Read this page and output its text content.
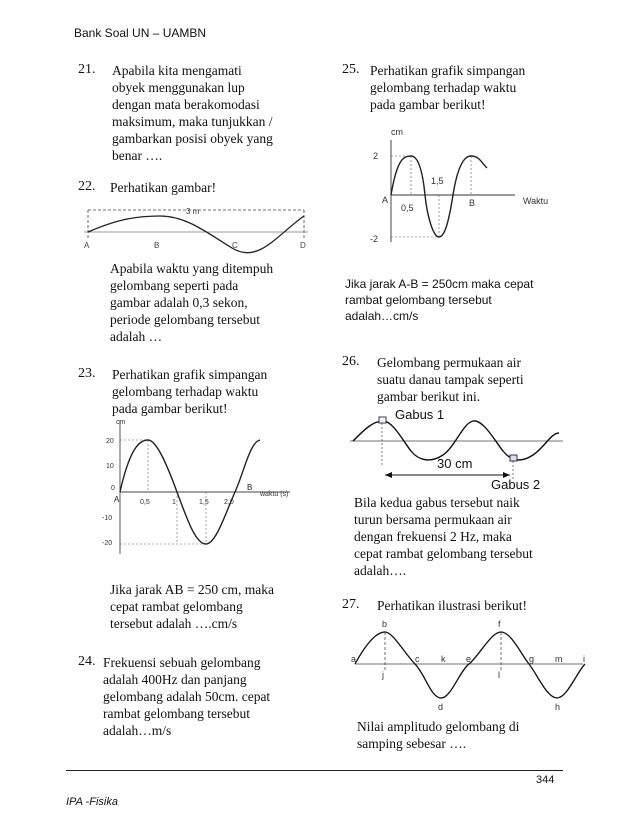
Bank Soal UN – UAMBN
21. Apabila kita mengamati
obyek menggunakan lup
dengan mata berakomodasi
maksimum, maka tunjukkan /
gambarkan posisi obyek yang
benar ….
22. Perhatikan gambar!
3 m
A	B	C	D
Apabila waktu yang ditempuh
gelombang seperti pada
gambar adalah 0,3 sekon,
periode gelombang tersebut
adalah …
23. Perhatikan grafik simpangan
gelombang terhadap waktu
pada gambar berikut!
cm
20
10
0
-10
-20
A	0,5	1	1,5 2,0
B
waktu (s)
Jika jarak AB = 250 cm, maka
cepat rambat gelombang
tersebut adalah ….cm/s
24. Frekuensi sebuah gelombang
adalah 400Hz dan panjang
gelombang adalah 50cm. cepat
rambat gelombang tersebut
adalah…m/s
25. Perhatikan grafik simpangan
gelombang terhadap waktu
pada gambar berikut!
cm
2
-2
A
0,5
1,5
B	Waktu
Jika jarak A-B = 250cm maka cepat
rambat gelombang tersebut
adalah…cm/s
26. Gelombang permukaan air
suatu danau tampak seperti
gambar berikut ini.
Gabus 1
30 cm
Gabus 2
Bila kedua gabus tersebut naik
turun bersama permukaan air
dengan frekuensi 2 Hz, maka
cepat rambat gelombang tersebut
adalah….
27. Perhatikan ilustrasi berikut!
a
b
c
d
e
f
g
h
i
j
k
l
m
Nilai amplitudo gelombang di
samping sebesar ….
344
IPA -Fisika
